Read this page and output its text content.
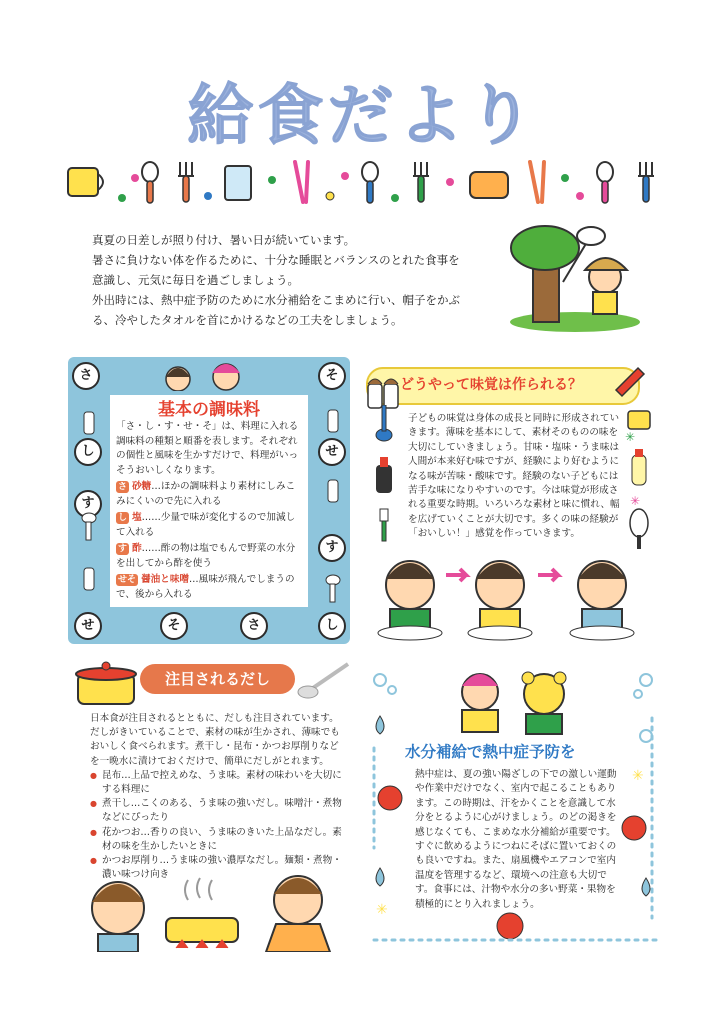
給食だより

真夏の日差しが照り付け、暑い日が続いています。

暑さに負けない体を作るために、十分な睡眠とバランスのとれた食事を

意識し、元気に毎日を過ごしましょう。

外出時には、熱中症予防のために水分補給をこまめに行い、帽子をかぶ

る、冷やしたタオルを首にかけるなどの工夫をしましょう。

さ	そ
し
す
せ
せ
す
し
そ	さ
基本の調味料

「さ・し・す・せ・そ」は、料理に入れる調味料の種類と順番を表します。それぞれの個性と風味を生かすだけで、料理がいっそうおいしくなります。

さ 砂糖…ほかの調味料より素材にしみこみにくいので先に入れる

し 塩……少量で味が変化するので加減して入れる

す 酢……酢の物は塩でもんで野菜の水分を出してから酢を使う

せそ 醤油と味噌…風味が飛んでしまうので、後から入れる

どうやって味覚は作られる？
✳
✳
子どもの味覚は身体の成長と同時に形成されていきます。薄味を基本にして、素材そのものの味を大切にしていきましょう。甘味・塩味・うま味は人間が本来好む味ですが、経験により好むようになる味が苦味・酸味です。経験のない子どもには苦手な味になりやすいのです。今は味覚が形成される重要な時期。いろいろな素材と味に慣れ、幅を広げていくことが大切です。多くの味の経験が「おいしい！」感覚を作っていきます。
注目されるだし

日本食が注目されるとともに、だしも注目されています。だしがきいていることで、素材の味が生かされ、薄味でもおいしく食べられます。煮干し・昆布・かつお厚削りなどを一晩水に漬けておくだけで、簡単にだしがとれます。

● 昆布…上品で控えめな、うま味。素材の味わいを大切にする料理に
● 煮干し…こくのある、うま味の強いだし。味噌汁・煮物などにぴったり
● 花かつお…香りの良い、うま味のきいた上品なだし。素材の味を生かしたいときに
● かつお厚削り…うま味の強い濃厚なだし。麺類・煮物・濃い味つけ向き
✳
✳
水分補給で熱中症予防を
熱中症は、夏の強い陽ざしの下での激しい運動や作業中だけでなく、室内で起こることもあります。この時期は、汗をかくことを意識して水分をとるように心がけましょう。のどの渇きを感じなくても、こまめな水分補給が重要です。すぐに飲めるようにつねにそばに置いておくのも良いですね。また、扇風機やエアコンで室内温度を管理するなど、環境への注意も大切です。食事には、汁物や水分の多い野菜・果物を積極的にとり入れましょう。
